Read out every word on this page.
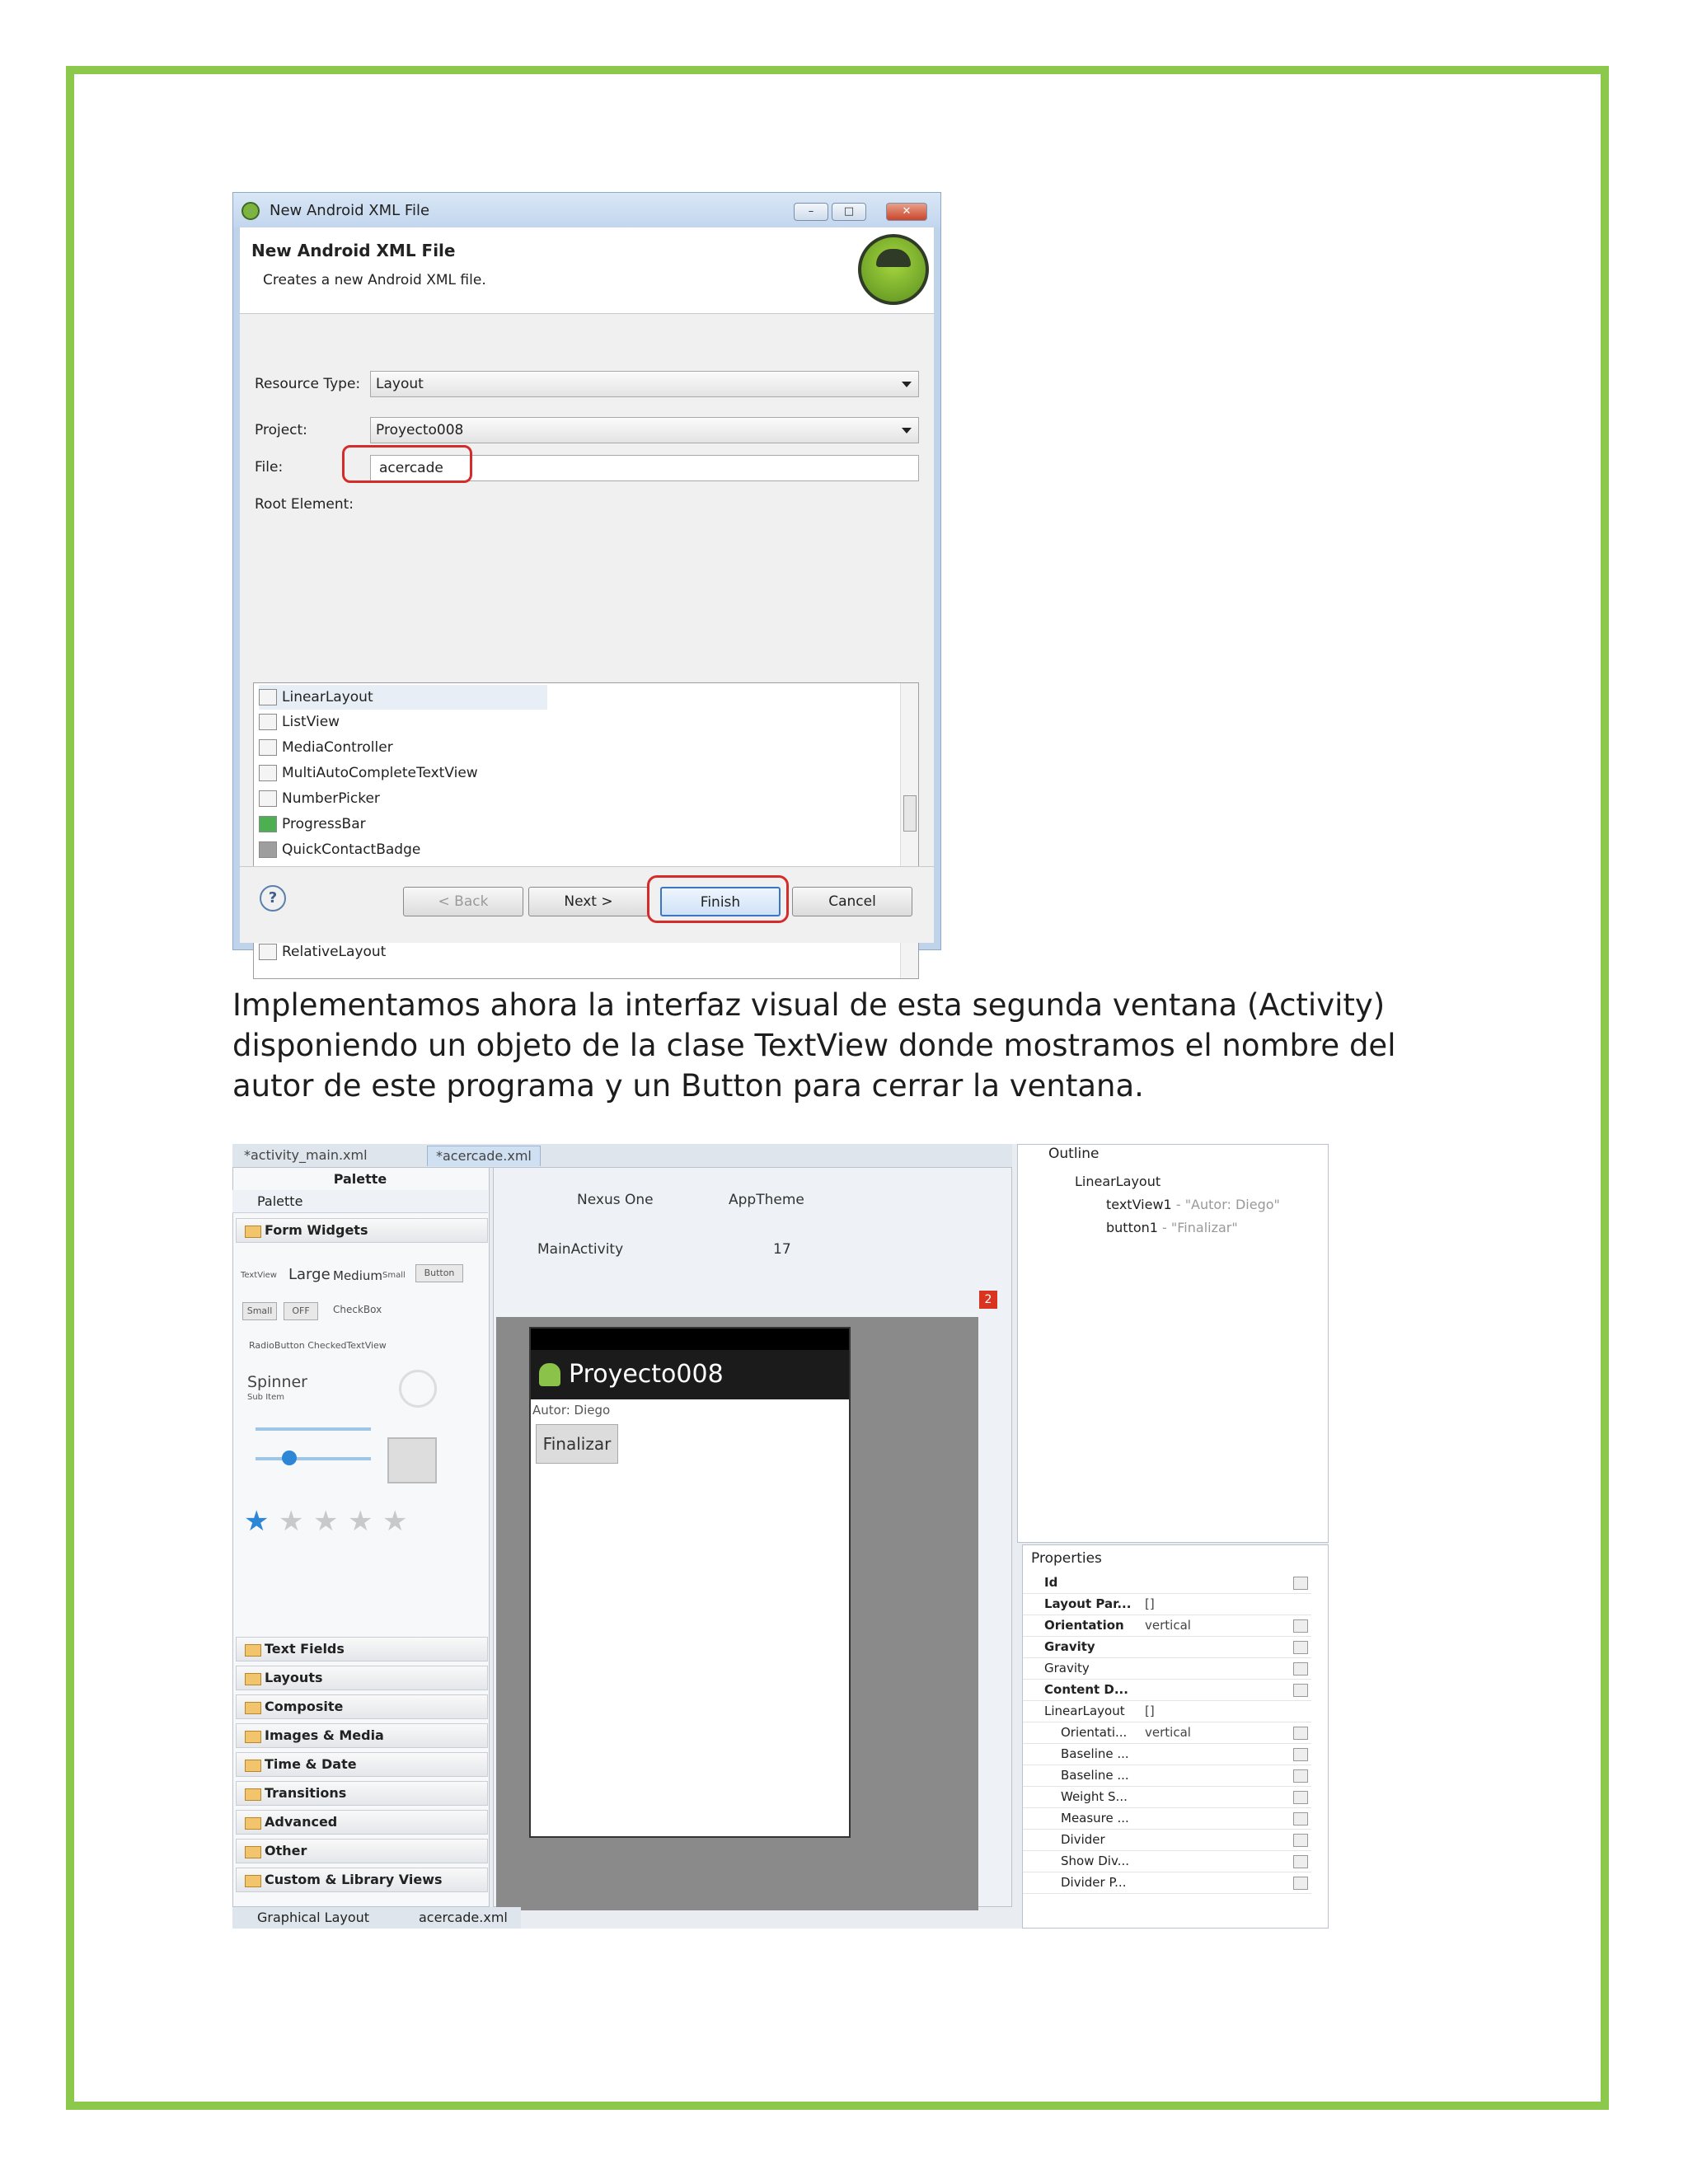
New Android XML File	–	□	✕
New Android XML File
Creates a new Android XML file.
Resource Type:	Layout
Project:	Proyecto008
File:	acercade
Root Element:
LinearLayout
ListView
MediaController
MultiAutoCompleteTextView
NumberPicker
ProgressBar
QuickContactBadge
RelativeLayout
?	< Back	Next >	Finish	Cancel
Implementamos ahora la interfaz visual de esta segunda ventana (Activity) disponiendo un objeto de la clase TextView donde mostramos el nombre del autor de este programa y un Button para cerrar la ventana.
*activity_main.xml	*acercade.xml
Palette
Palette
Form Widgets
TextView Large Medium Small	Button
Small	OFF	CheckBox
RadioButton CheckedTextView
Spinner
Sub Item
★ ★ ★ ★ ★
Text Fields
Layouts
Composite
Images & Media
Time & Date
Transitions
Advanced
Other
Custom & Library Views
Nexus One	AppTheme
MainActivity	17
2
Proyecto008
Autor: Diego
Finalizar
Outline
LinearLayout
textView1 - "Autor: Diego"
button1 - "Finalizar"
Properties
Id
Layout Par...	[]
Orientation	vertical
Gravity
Gravity
Content D...
LinearLayout	[]
Orientati...	vertical
Baseline ...
Baseline ...
Weight S...
Measure ...
Divider
Show Div...
Divider P...
Graphical Layout	acercade.xml
